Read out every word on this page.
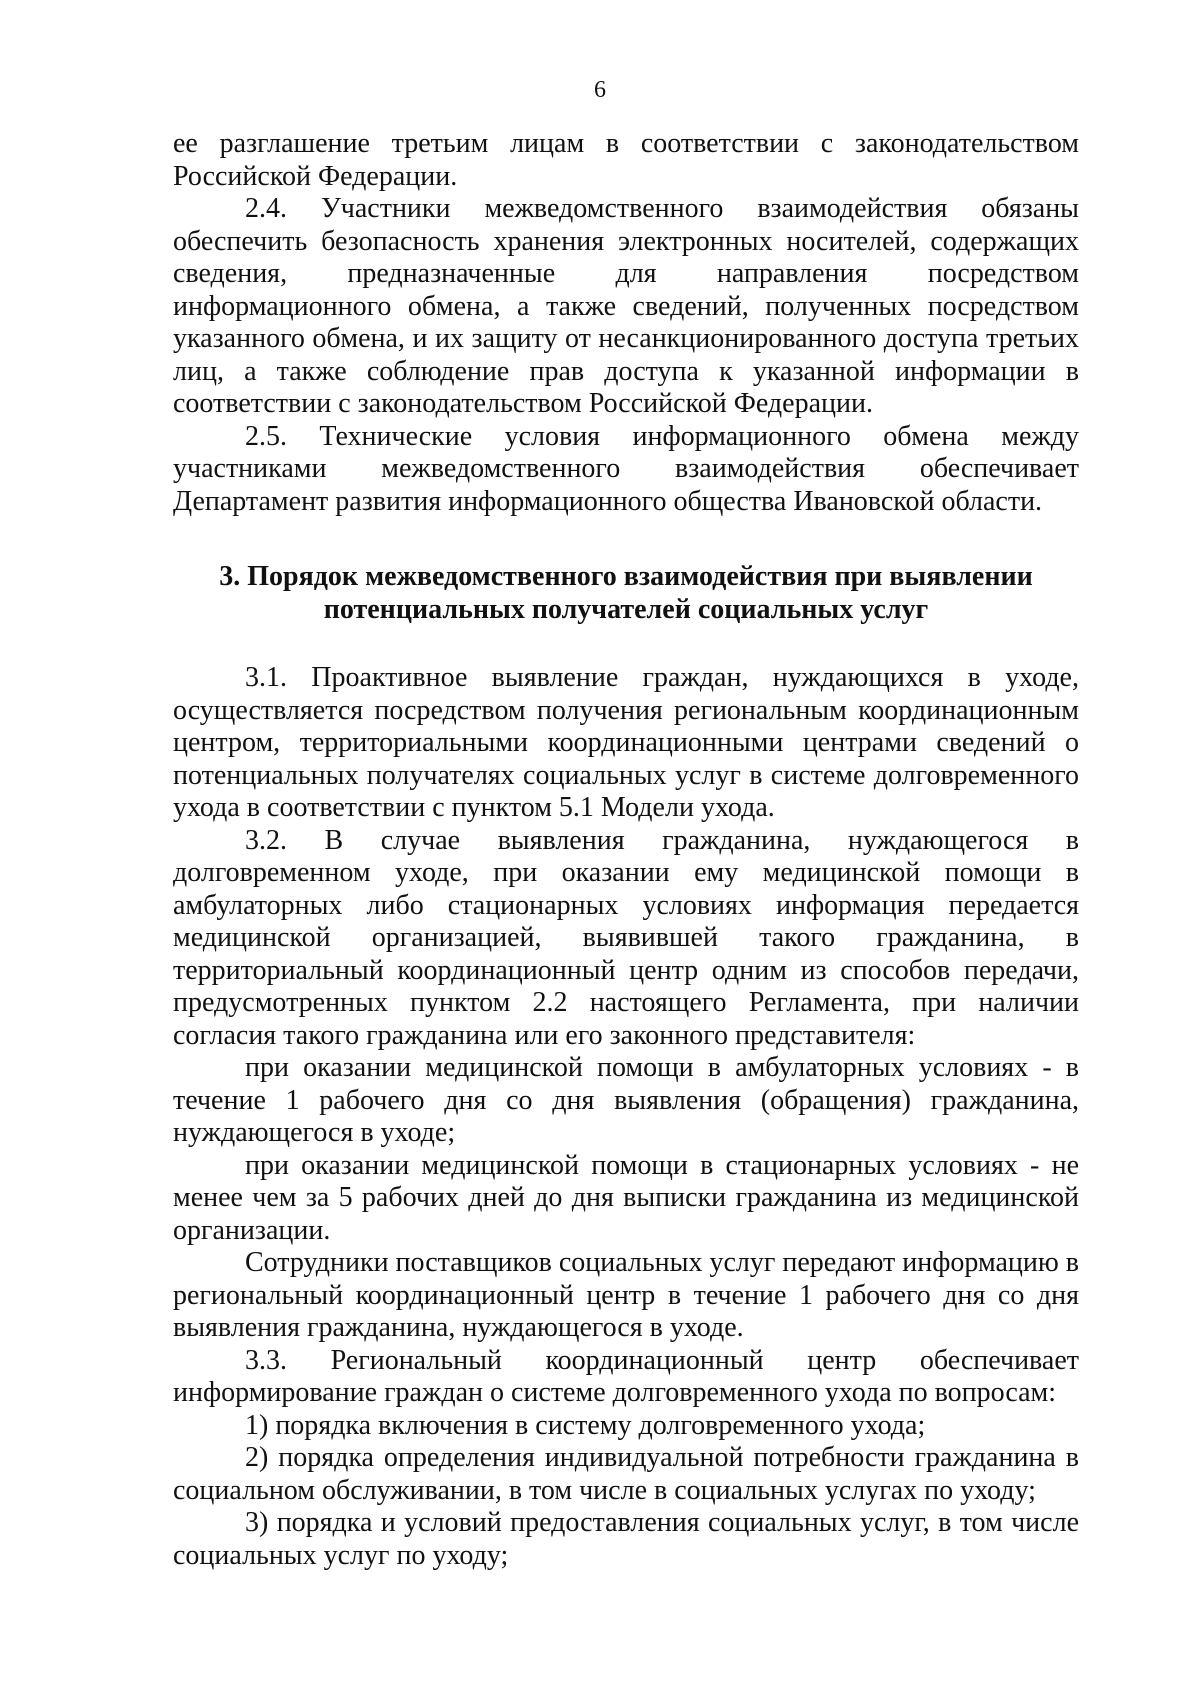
6

ее разглашение третьим лицам в соответствии с законодательством Российской Федерации.

2.4. Участники межведомственного взаимодействия обязаны обеспечить безопасность хранения электронных носителей, содержащих сведения, предназначенные для направления посредством информационного обмена, а также сведений, полученных посредством указанного обмена, и их защиту от несанкционированного доступа третьих лиц, а также соблюдение прав доступа к указанной информации в соответствии с законодательством Российской Федерации.

2.5. Технические условия информационного обмена между участниками межведомственного взаимодействия обеспечивает Департамент развития информационного общества Ивановской области.

3. Порядок межведомственного взаимодействия при выявлении
потенциальных получателей социальных услуг

3.1. Проактивное выявление граждан, нуждающихся в уходе, осуществляется посредством получения региональным координационным центром, территориальными координационными центрами сведений о потенциальных получателях социальных услуг в системе долговременного ухода в соответствии с пунктом 5.1 Модели ухода.

3.2. В случае выявления гражданина, нуждающегося в долговременном уходе, при оказании ему медицинской помощи в амбулаторных либо стационарных условиях информация передается медицинской организацией, выявившей такого гражданина, в территориальный координационный центр одним из способов передачи, предусмотренных пунктом 2.2 настоящего Регламента, при наличии согласия такого гражданина или его законного представителя:

при оказании медицинской помощи в амбулаторных условиях - в течение 1 рабочего дня со дня выявления (обращения) гражданина, нуждающегося в уходе;

при оказании медицинской помощи в стационарных условиях - не менее чем за 5 рабочих дней до дня выписки гражданина из медицинской организации.

Сотрудники поставщиков социальных услуг передают информацию в региональный координационный центр в течение 1 рабочего дня со дня выявления гражданина, нуждающегося в уходе.

3.3. Региональный координационный центр обеспечивает информирование граждан о системе долговременного ухода по вопросам:

1) порядка включения в систему долговременного ухода;

2) порядка определения индивидуальной потребности гражданина в социальном обслуживании, в том числе в социальных услугах по уходу;

3) порядка и условий предоставления социальных услуг, в том числе социальных услуг по уходу;
